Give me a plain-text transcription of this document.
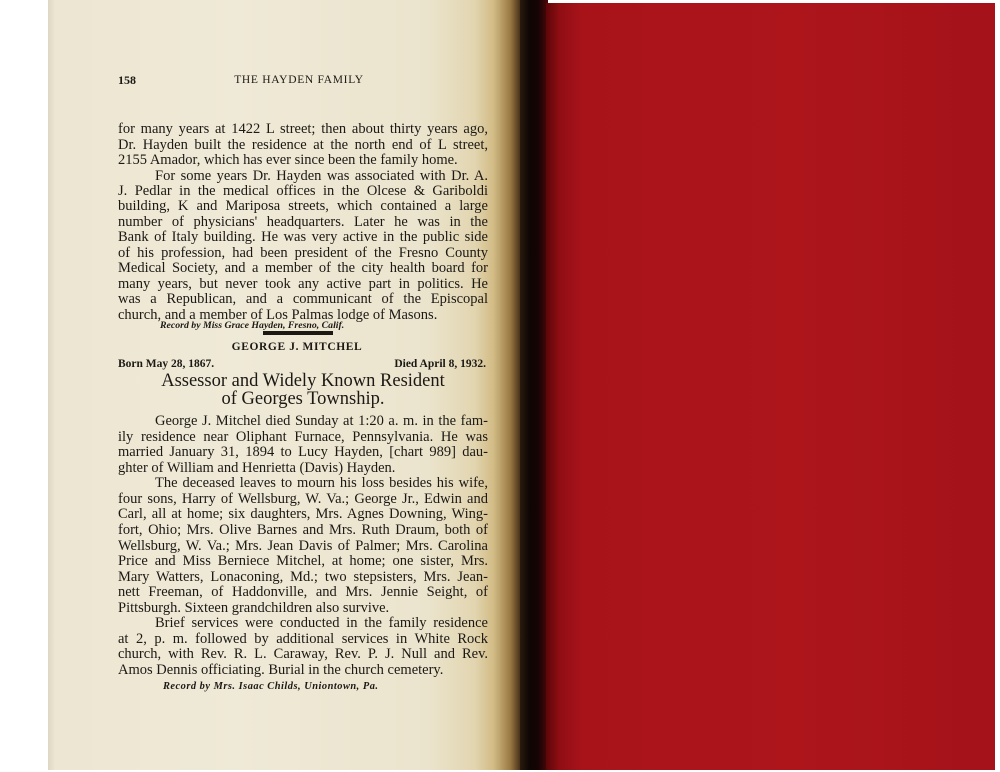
158	THE HAYDEN FAMILY
for many years at 1422 L street; then about thirty years ago,
Dr. Hayden built the residence at the north end of L street,
2155 Amador, which has ever since been the family home.
For some years Dr. Hayden was associated with Dr. A.
J. Pedlar in the medical offices in the Olcese & Gariboldi
building, K and Mariposa streets, which contained a large
number of physicians' headquarters. Later he was in the
Bank of Italy building. He was very active in the public side
of his profession, had been president of the Fresno County
Medical Society, and a member of the city health board for
many years, but never took any active part in politics. He
was a Republican, and a communicant of the Episcopal
church, and a member of Los Palmas lodge of Masons.
Record by Miss Grace Hayden, Fresno, Calif.
GEORGE J. MITCHEL
Born May 28, 1867.	Died April 8, 1932.
Assessor and Widely Known Resident
of Georges Township.
George J. Mitchel died Sunday at 1:20 a. m. in the fam-
ily residence near Oliphant Furnace, Pennsylvania. He was
married January 31, 1894 to Lucy Hayden, [chart 989] dau-
ghter of William and Henrietta (Davis) Hayden.
The deceased leaves to mourn his loss besides his wife,
four sons, Harry of Wellsburg, W. Va.; George Jr., Edwin and
Carl, all at home; six daughters, Mrs. Agnes Downing, Wing-
fort, Ohio; Mrs. Olive Barnes and Mrs. Ruth Draum, both of
Wellsburg, W. Va.; Mrs. Jean Davis of Palmer; Mrs. Carolina
Price and Miss Berniece Mitchel, at home; one sister, Mrs.
Mary Watters, Lonaconing, Md.; two stepsisters, Mrs. Jean-
nett Freeman, of Haddonville, and Mrs. Jennie Seight, of
Pittsburgh. Sixteen grandchildren also survive.
Brief services were conducted in the family residence
at 2, p. m. followed by additional services in White Rock
church, with Rev. R. L. Caraway, Rev. P. J. Null and Rev.
Amos Dennis officiating. Burial in the church cemetery.
Record by Mrs. Isaac Childs, Uniontown, Pa.
